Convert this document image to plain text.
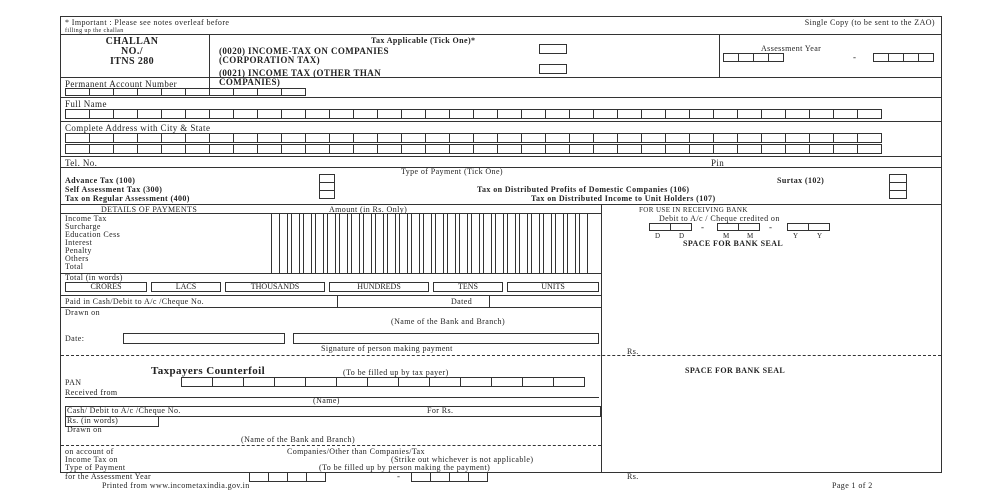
* Important : Please see notes overleaf before
filling up the challan
Single Copy (to be sent to the ZAO)
CHALLAN
NO./
ITNS 280
Tax Applicable (Tick One)*
(0020) INCOME-TAX ON COMPANIES
(CORPORATION TAX)
(0021) INCOME TAX (OTHER THAN
COMPANIES)
Assessment Year
-
Permanent Account Number
Full Name
Complete Address with City & State
Tel. No.	Pin
Type of Payment (Tick One)
Advance Tax (100)
Self Assessment Tax (300)
Tax on Regular Assessment (400)
Surtax (102)
Tax on Distributed Profits of Domestic Companies (106)
Tax on Distributed Income to Unit Holders (107)
DETAILS OF PAYMENTS	Amount (in Rs. Only)
Income Tax
Surcharge
Education Cess
Interest
Penalty
Others
Total
Total (in words)
CRORES	LACS	THOUSANDS	HUNDREDS	TENS	UNITS
Paid in Cash/Debit to A/c /Cheque No.	Dated
Drawn on
(Name of the Bank and Branch)
Date:
Signature of person making payment
FOR USE IN RECEIVING BANK
Debit to A/c / Cheque credited on
-	-
D	D	M M	Y	Y
SPACE FOR BANK SEAL
Rs.
Taxpayers Counterfoil	(To be filled up by tax payer)
PAN
Received from
(Name)
Cash/ Debit to A/c /Cheque No.	For Rs.
Rs. (in words)
Drawn on
(Name of the Bank and Branch)
on account of	Companies/Other than Companies/Tax
Income Tax on	(Strike out whichever is not applicable)
Type of Payment	(To be filled up by person making the payment)
for the Assessment Year	-
SPACE FOR BANK SEAL
Rs.
Printed from www.incometaxindia.gov.in	Page 1 of 2
